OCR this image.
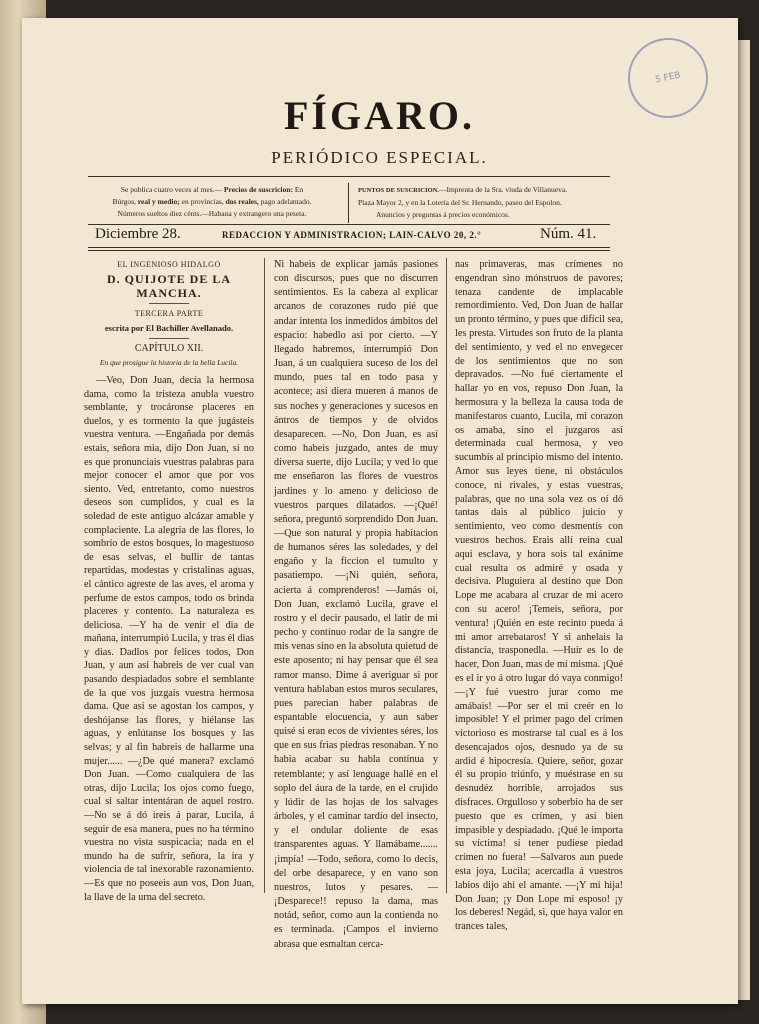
5 FEB
FÍGARO.
PERIÓDICO ESPECIAL.
Se publica cuatro veces al mes.— Precios de suscricion: En
Búrgos, real y medio; en provincias, dos reales, pago adelantado.
Números sueltos diez cénts.—Habana y extrangero una peseta.
PUNTOS DE SUSCRICION.—Imprenta de la Sra. viuda de Villanueva.
Plaza Mayor 2, y en la Lotería del Sr. Hernando, paseo del Espolon.
Anuncios y preguntas á precios económicos.
Diciembre 28.	REDACCION Y ADMINISTRACION; LAIN-CALVO 20, 2.°	Núm. 41.
EL INGENIOSO HIDALGO
D. QUIJOTE DE LA MANCHA.
TERCERA PARTE
escrita por El Bachiller Avellanado.
CAPÍTULO XII.
En que prosigue la historia de la bella Lucila.

—Veo, Don Juan, decía la hermosa dama, como la tristeza anubla vuestro semblante, y trocáronse placeres en duelos, y es tormento la que jugásteis vuestra ventura. —Engañada por demás estais, señora mia, dijo Don Juan, si no es que pronunciais vuestras palabras para mejor conocer el amor que por vos siento. Ved, entretanto, como nuestros deseos son cumplidos, y cual es la soledad de este antiguo alcázar amable y complaciente. La alegría de las flores, lo sombrío de estos bosques, lo magestuoso de esas selvas, el bullir de tantas repartidas, modestas y cristalinas aguas, el cántico agreste de las aves, el aroma y perfume de estos campos, todo os brinda placeres y contento. La naturaleza es deliciosa. —Y ha de venir el dia de mañana, interrumpió Lucila, y tras él dias y dias. Dadlos por felices todos, Don Juan, y aun así habreis de ver cual van pasando despiadados sobre el semblante de la que vos juzgais vuestra hermosa dama. Que así se agostan los campos, y deshójanse las flores, y hiélanse las aguas, y enlútanse los bosques y las selvas; y al fin habreis de hallarme una mujer...... —¿De qué manera? exclamó Don Juan. —Como cualquiera de las otras, dijo Lucila; los ojos como fuego, cual si saltar intentáran de aquel rostro. —No se á dó ireis á parar, Lucila, á seguir de esa manera, pues no ha término vuestra no vista suspicacia; nada en el mundo ha de sufrir, señora, la ira y violencia de tal inexorable razonamiento. —Es que no poseeis aun vos, Don Juan, la llave de la urna del secreto.

Ni habeis de explicar jamás pasiones con discursos, pues que no discurren sentimientos. Es la cabeza al explicar arcanos de corazones rudo pié que andar intenta los inmedidos ámbitos del espacio: habedlo así por cierto. —Y llegado habremos, interrumpió Don Juan, á un cualquiera suceso de los del mundo, pues tal en todo pasa y acontece; así diera mueren á manos de sus noches y generaciones y sucesos en ántros de tiempos y de olvidos desaparecen. —No, Don Juan, es así como habeis juzgado, antes de muy diversa suerte, dijo Lucila; y ved lo que me enseñaron las flores de vuestros jardines y lo ameno y delicioso de vuestros parques dilatados. —¡Qué! señora, preguntó sorprendido Don Juan. —Que son natural y propia habitacion de humanos séres las soledades, y del engaño y la ficcion el tumulto y pasatiempo. —¡Ni quién, señora, acierta á comprenderos! —Jamás oí, Don Juan, exclamó Lucila, grave el rostro y el decir pausado, el latir de mi pecho y contínuo rodar de la sangre de mis venas sino en la absoluta quietud de este aposento; ni hay pensar que él sea ramor manso. Dime á averiguar si por ventura hablaban estos muros seculares, pues parecian haber palabras de espantable elocuencia, y aun saber quisé si eran ecos de vivientes séres, los que en sus frias piedras resonaban. Y no habia acabar su habla contínua y retemblante; y así lenguage hallé en el soplo del áura de la tarde, en el crujido y lúdir de las hojas de los salvages árboles, y el caminar tardío del insecto, y el ondular doliente de esas transparentes aguas. Y llamábame....... ¡impía! —Todo, señora, como lo decis, del orbe desaparece, y en vano son nuestros, lutos y pesares. —¡Desparece!! repuso la dama, mas notád, señor, como aun la contienda no es terminada. ¡Campos el invierno abrasa que esmaltan cerca-

nas primaveras, mas crímenes no engendran sino mónstruos de pavores; tenaza candente de implacable remordimiento. Ved, Don Juan de hallar un pronto término, y pues que difícil sea, les presta. Virtudes son fruto de la planta del sentimiento, y ved el no envegecer de los sentimientos que no son depravados. —No fué ciertamente el hallar yo en vos, repuso Don Juan, la hermosura y la belleza la causa toda de manifestaros cuanto, Lucila, mi corazon os amaba, sino el juzgaros así determinada cual hermosa, y veo sucumbís al principio mismo del intento. Amor sus leyes tiene, ni obstáculos conoce, ni rivales, y estas vuestras, palabras, que no una sola vez os oí dó tantas dais al público juicio y sentimiento, veo como desmentís con vuestros hechos. Erais allí reina cual aquí esclava, y hora sois tal exánime cual resulta os admiré y osada y decisiva. Pluguiera al destino que Don Lope me acabara al cruzar de mi acero con su acero! ¡Temeis, señora, por ventura! ¡Quién en este recinto pueda á mi amor arrebataros! Y si anhelais la distancia, trasponedla. —Huir es lo de hacer, Don Juan, mas de mí misma. ¡Qué es el ir yo á otro lugar dó vaya conmigo! —¡Y fué vuestro jurar como me amábais! —Por ser el mi creér en lo imposible! Y el primer pago del crímen victorioso es mostrarse tal cual es á los desencajados ojos, desnudo ya de su ardid é hipocresía. Quiere, señor, gozar él su propio triúnfo, y muéstrase en su desnudéz horrible, arrojados sus disfraces. Orgulloso y soberbio ha de ser puesto que es crímen, y así bien impasible y despiadado. ¡Qué le importa su víctima! si tener pudiese piedad crímen no fuera! —Salvaros aun puede esta joya, Lucila; acercadla á vuestros labios dijo ahí el amante. —¡Y mi hija! Don Juan; ¡y Don Lope mi esposo! ¡y los deberes! Negád, si, que haya valor en trances tales,
